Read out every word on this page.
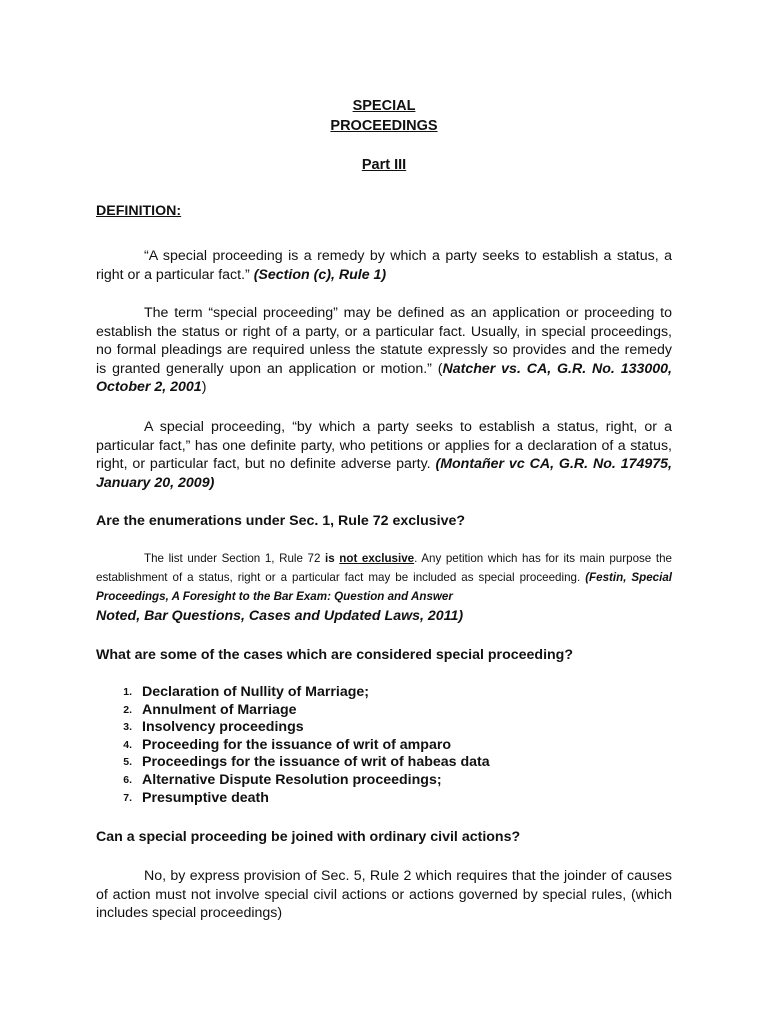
SPECIAL
PROCEEDINGS
Part III
DEFINITION:

“A special proceeding is a remedy by which a party seeks to establish a status, a right or a particular fact.” (Section (c), Rule 1)

The term “special proceeding” may be defined as an application or proceeding to establish the status or right of a party, or a particular fact. Usually, in special proceedings, no formal pleadings are required unless the statute expressly so provides and the remedy is granted generally upon an application or motion.” (Natcher vs. CA, G.R. No. 133000, October 2, 2001)

A special proceeding, “by which a party seeks to establish a status, right, or a particular fact,” has one definite party, who petitions or applies for a declaration of a status, right, or particular fact, but no definite adverse party. (Montañer vc CA, G.R. No. 174975, January 20, 2009)

Are the enumerations under Sec. 1, Rule 72 exclusive?

The list under Section 1, Rule 72 is not exclusive. Any petition which has for its main purpose the establishment of a status, right or a particular fact may be included as special proceeding. (Festin, Special Proceedings, A Foresight to the Bar Exam: Question and Answer

Noted, Bar Questions, Cases and Updated Laws, 2011)
What are some of the cases which are considered special proceeding?
1. Declaration of Nullity of Marriage;
2. Annulment of Marriage
3. Insolvency proceedings
4. Proceeding for the issuance of writ of amparo
5. Proceedings for the issuance of writ of habeas data
6. Alternative Dispute Resolution proceedings;
7. Presumptive death
Can a special proceeding be joined with ordinary civil actions?

No, by express provision of Sec. 5, Rule 2 which requires that the joinder of causes of action must not involve special civil actions or actions governed by special rules, (which includes special proceedings)
